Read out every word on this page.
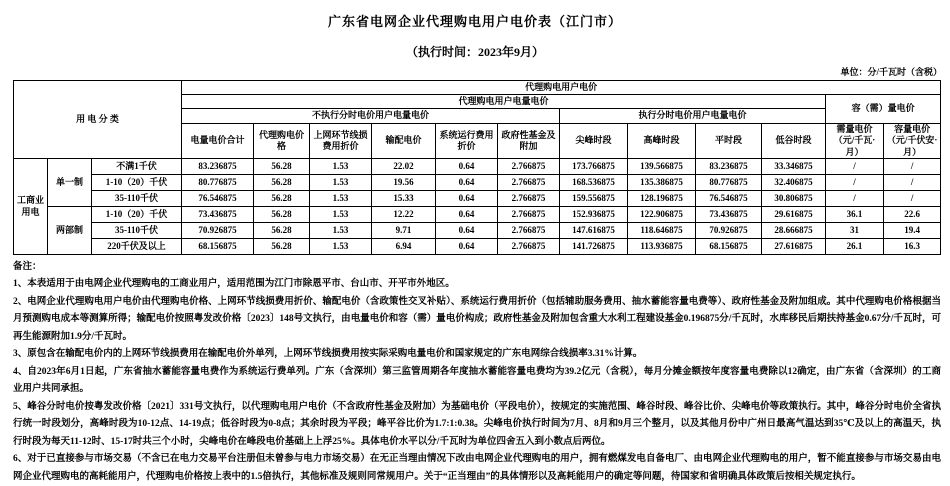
广东省电网企业代理购电用户电价表（江门市）
（执行时间：2023年9月）
单位：分/千瓦时（含税）
用 电 分 类			代理购电用户电价											
			代理购电用户电量电价										容（需）量电价	
			不执行分时电价用户电量电价						执行分时电价用户电量电价					
			电量电价合计	代理购电价格	上网环节线损费用折价	输配电价	系统运行费用折价	政府性基金及附加	尖峰时段	高峰时段	平时段	低谷时段	需量电价（元/千瓦·月）	容量电价（元/千伏安·月）
工商业用电	单一制	不满1千伏	83.236875	56.28	1.53	22.02	0.64	2.766875	173.766875	139.566875	83.236875	33.346875	/	/
		1-10（20）千伏	80.776875	56.28	1.53	19.56	0.64	2.766875	168.536875	135.386875	80.776875	32.406875	/	/
		35-110千伏	76.546875	56.28	1.53	15.33	0.64	2.766875	159.556875	128.196875	76.546875	30.806875	/	/
	两部制	1-10（20）千伏	73.436875	56.28	1.53	12.22	0.64	2.766875	152.936875	122.906875	73.436875	29.616875	36.1	22.6
		35-110千伏	70.926875	56.28	1.53	9.71	0.64	2.766875	147.616875	118.646875	70.926875	28.666875	31	19.4
		220千伏及以上	68.156875	56.28	1.53	6.94	0.64	2.766875	141.726875	113.936875	68.156875	27.616875	26.1	16.3

备注：

1、本表适用于由电网企业代理购电的工商业用户，适用范围为江门市除恩平市、台山市、开平市外地区。

2、电网企业代理购电用户电价由代理购电价格、上网环节线损费用折价、输配电价（含政策性交叉补贴）、系统运行费用折价（包括辅助服务费用、抽水蓄能容量电费等）、政府性基金及附加组成。其中代理购电价格根据当月预测购电成本等测算所得；输配电价按照粤发改价格〔2023〕148号文执行，由电量电价和容（需）量电价构成；政府性基金及附加包含重大水利工程建设基金0.196875分/千瓦时，水库移民后期扶持基金0.67分/千瓦时，可再生能源附加1.9分/千瓦时。

3、原包含在输配电价内的上网环节线损费用在输配电价外单列，上网环节线损费用按实际采购电量电价和国家规定的广东电网综合线损率3.31%计算。

4、自2023年6月1日起，广东省抽水蓄能容量电费作为系统运行费单列。广东（含深圳）第三监管周期各年度抽水蓄能容量电费均为39.2亿元（含税），每月分摊金额按年度容量电费除以12确定，由广东省（含深圳）的工商业用户共同承担。

5、峰谷分时电价按粤发改价格〔2021〕331号文执行，以代理购电用户电价（不含政府性基金及附加）为基础电价（平段电价），按规定的实施范围、峰谷时段、峰谷比价、尖峰电价等政策执行。其中，峰谷分时电价全省执行统一时段划分，高峰时段为10-12点、14-19点；低谷时段为0-8点；其余时段为平段；峰平谷比价为1.7:1:0.38。尖峰电价执行时间为7月、8月和9月三个整月，以及其他月份中广州日最高气温达到35℃及以上的高温天，执行时段为每天11-12时、15-17时共三个小时，尖峰电价在峰段电价基础上上浮25%。具体电价水平以分/千瓦时为单位四舍五入到小数点后两位。

6、对于已直接参与市场交易（不含已在电力交易平台注册但未曾参与电力市场交易）在无正当理由情况下改由电网企业代理购电的用户，拥有燃煤发电自备电厂、由电网企业代理购电的用户，暂不能直接参与市场交易由电网企业代理购电的高耗能用户，代理购电价格按上表中的1.5倍执行，其他标准及规则同常规用户。关于“正当理由”的具体情形以及高耗能用户的确定等问题，待国家和省明确具体政策后按相关规定执行。
